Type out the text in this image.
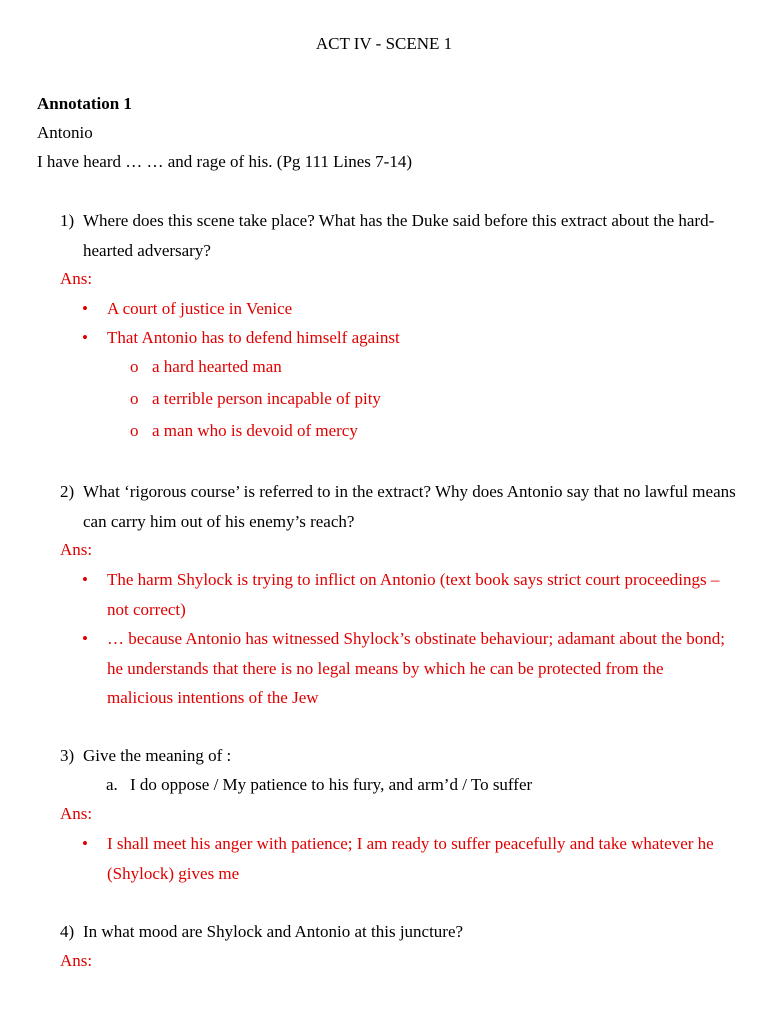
ACT IV - SCENE 1
Annotation 1
Antonio
I have heard … … and rage of his. (Pg 111 Lines 7-14)
1) Where does this scene take place? What has the Duke said before this extract about the hard-hearted adversary?
Ans:
• A court of justice in Venice
• That Antonio has to defend himself against
o a hard hearted man
o a terrible person incapable of pity
o a man who is devoid of mercy
2) What ‘rigorous course’ is referred to in the extract? Why does Antonio say that no lawful means can carry him out of his enemy’s reach?
Ans:
• The harm Shylock is trying to inflict on Antonio (text book says strict court proceedings – not correct)
• … because Antonio has witnessed Shylock’s obstinate behaviour; adamant about the bond; he understands that there is no legal means by which he can be protected from the malicious intentions of the Jew
3) Give the meaning of :
a. I do oppose / My patience to his fury, and arm’d / To suffer
Ans:
• I shall meet his anger with patience; I am ready to suffer peacefully and take whatever he (Shylock) gives me
4) In what mood are Shylock and Antonio at this juncture?
Ans:
